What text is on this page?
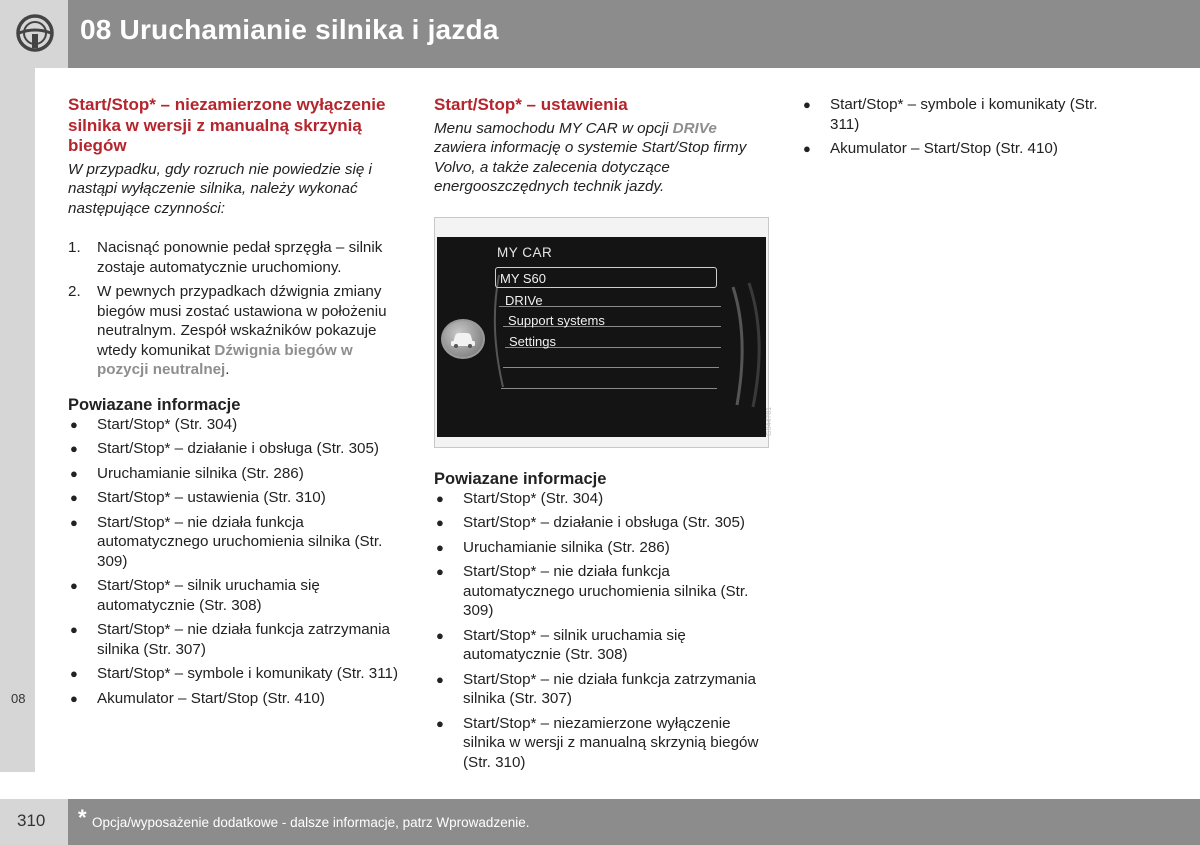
08 Uruchamianie silnika i jazda
08
Start/Stop* – niezamierzone wyłączenie silnika w wersji z manualną skrzynią biegów

W przypadku, gdy rozruch nie powiedzie się i nastąpi wyłączenie silnika, należy wykonać następujące czynności:

1. Nacisnąć ponownie pedał sprzęgła – silnik zostaje automatycznie uruchomiony.
2. W pewnych przypadkach dźwignia zmiany biegów musi zostać ustawiona w położeniu neutralnym. Zespół wskaźników pokazuje wtedy komunikat Dźwignia biegów w pozycji neutralnej.
Powiazane informacje
● Start/Stop* (Str. 304)
● Start/Stop* – działanie i obsługa (Str. 305)
● Uruchamianie silnika (Str. 286)
● Start/Stop* – ustawienia (Str. 310)
● Start/Stop* – nie działa funkcja automatycznego uruchomienia silnika (Str. 309)
● Start/Stop* – silnik uruchamia się automatycznie (Str. 308)
● Start/Stop* – nie działa funkcja zatrzymania silnika (Str. 307)
● Start/Stop* – symbole i komunikaty (Str. 311)
● Akumulator – Start/Stop (Str. 410)
Start/Stop* – ustawienia

Menu samochodu MY CAR w opcji DRIVe zawiera informację o systemie Start/Stop firmy Volvo, a także zalecenia dotyczące energooszczędnych technik jazdy.

MY CAR
MY S60
DRIVe
Support systems
Settings
G044781
Powiazane informacje
● Start/Stop* (Str. 304)
● Start/Stop* – działanie i obsługa (Str. 305)
● Uruchamianie silnika (Str. 286)
● Start/Stop* – nie działa funkcja automatycznego uruchomienia silnika (Str. 309)
● Start/Stop* – silnik uruchamia się automatycznie (Str. 308)
● Start/Stop* – nie działa funkcja zatrzymania silnika (Str. 307)
● Start/Stop* – niezamierzone wyłączenie silnika w wersji z manualną skrzynią biegów (Str. 310)
● Start/Stop* – symbole i komunikaty (Str. 311)
● Akumulator – Start/Stop (Str. 410)
310 * Opcja/wyposażenie dodatkowe - dalsze informacje, patrz Wprowadzenie.
